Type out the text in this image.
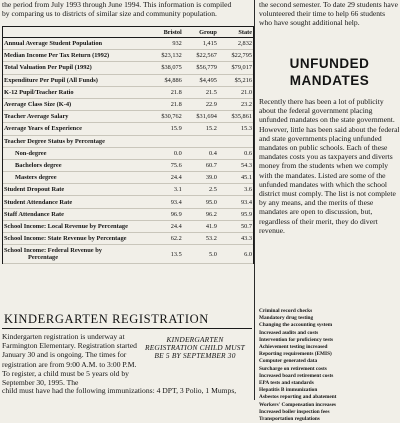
the period from July 1993 through June 1994. This information is compiled
by comparing us to districts of similar size and community population.
	Bristol	Group	State
Annual Average Student Population	932	1,415	2,832
Median Income Per Tax Return (1992)	$23,132	$22,567	$22,795
Total Valuation Per Pupil (1992)	$38,075	$56,779	$79,017
Expenditure Per Pupil (All Funds)	$4,886	$4,495	$5,216
K-12 Pupil/Teacher Ratio	21.8	21.5	21.0
Average Class Size (K-4)	21.8	22.9	23.2
Teacher Average Salary	$30,762	$31,694	$35,861
Average Years of Experience	15.9	15.2	15.3
Teacher Degree Status by Percentage			
Non-degree	0.0	0.4	0.6
Bachelors degree	75.6	60.7	54.3
Masters degree	24.4	39.0	45.1
Student Dropout Rate	3.1	2.5	3.6
Student Attendance Rate	93.4	95.0	93.4
Staff Attendance Rate	96.9	96.2	95.9
School Income: Local Revenue by Percentage	24.4	41.9	50.7
School Income: State Revenue by Percentage	62.2	53.2	43.3
School Income: Federal Revenue by
Percentage	13.5	5.0	6.0
KINDERGARTEN REGISTRATION
Kindergarten registration is underway at Farmington Elementary. Registration started January 30 and is ongoing. The times for registration are from 9:00 A.M. to 3:00 P.M. To register, a child must be 5 years old by September 30, 1995. The
KINDERGARTEN REGISTRATION CHILD MUST BE 5 BY SEPTEMBER 30
child must have had the following immunizations: 4 DPT, 3 Polio, 1 Mumps,
the second semester. To date 29 students have volunteered their time to help 66 students who have sought additional help.
UNFUNDED
MANDATES
Recently there has been a lot of publicity about the federal government placing unfunded mandates on the state government. However, little has been said about the federal and state governments placing unfunded mandates on public schools. Each of these mandates costs you as taxpayers and diverts money from the students when we comply with the mandates. Listed are some of the unfunded mandates with which the school district must comply. The list is not complete by any means, and the merits of these mandates are open to discussion, but, regardless of their merit, they do divert revenue.
Criminal record checks
Mandatory drug testing
Changing the accounting system
Increased audits and costs
Intervention for proficiency tests
Achievement testing increased
Reporting requirements (EMIS)
Computer generated data
Surcharge on retirement costs
Increased board retirement costs
EPA tests and standards
Hepatitis B immunization
Asbestos reporting and abatement
Workers' Compensation increases
Increased boiler inspection fees
Transportation regulations
